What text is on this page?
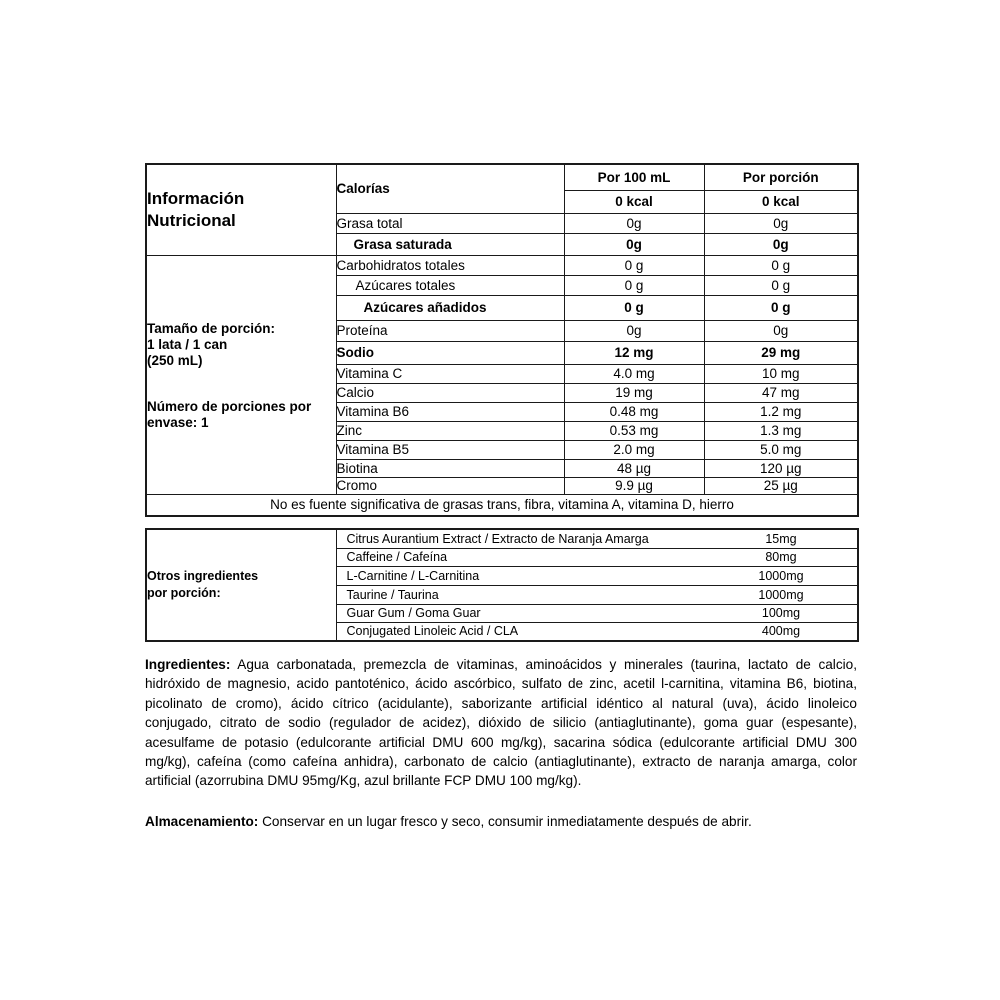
Información
Nutricional	Calorías	Por 100 mL	Por porción
		0 kcal	0 kcal
	Grasa total	0g	0g
	Grasa saturada	0g	0g

Tamaño de porción:
1 lata / 1 can
(250 mL)
Número de porciones por
envase: 1	Carbohidratos totales	0 g	0 g
	Azúcares totales	0 g	0 g
	Azúcares añadidos	0 g	0 g
	Proteína	0g	0g
	Sodio	12 mg	29 mg
	Vitamina C	4.0 mg	10 mg
	Calcio	19 mg	47 mg
	Vitamina B6	0.48 mg	1.2 mg
	Zinc	0.53 mg	1.3 mg
	Vitamina B5	2.0 mg	5.0 mg
	Biotina	48 µg	120 µg
	Cromo	9.9 µg	25 µg
No es fuente significativa de grasas trans, fibra, vitamina A, vitamina D, hierro			
Otros ingredientes
por porción:

Citrus Aurantium Extract / Extracto de Naranja Amarga	15mg

Caffeine / Cafeína	80mg

L-Carnitine / L-Carnitina	1000mg

Taurine / Taurina	1000mg

Guar Gum / Goma Guar	100mg

Conjugated Linoleic Acid / CLA	400mg
Ingredientes: Agua carbonatada, premezcla de vitaminas, aminoácidos y minerales (taurina, lactato de calcio, hidróxido de magnesio, acido pantoténico, ácido ascórbico, sulfato de zinc, acetil l-carnitina, vitamina B6, biotina, picolinato de cromo), ácido cítrico (acidulante), saborizante artificial idéntico al natural (uva), ácido linoleico conjugado, citrato de sodio (regulador de acidez), dióxido de silicio (antiaglutinante), goma guar (espesante), acesulfame de potasio (edulcorante artificial DMU 600 mg/kg), sacarina sódica (edulcorante artificial DMU 300 mg/kg), cafeína (como cafeína anhidra), carbonato de calcio (antiaglutinante), extracto de naranja amarga, color artificial (azorrubina DMU 95mg/Kg, azul brillante FCP DMU 100 mg/kg).
Almacenamiento: Conservar en un lugar fresco y seco, consumir inmediatamente después de abrir.
